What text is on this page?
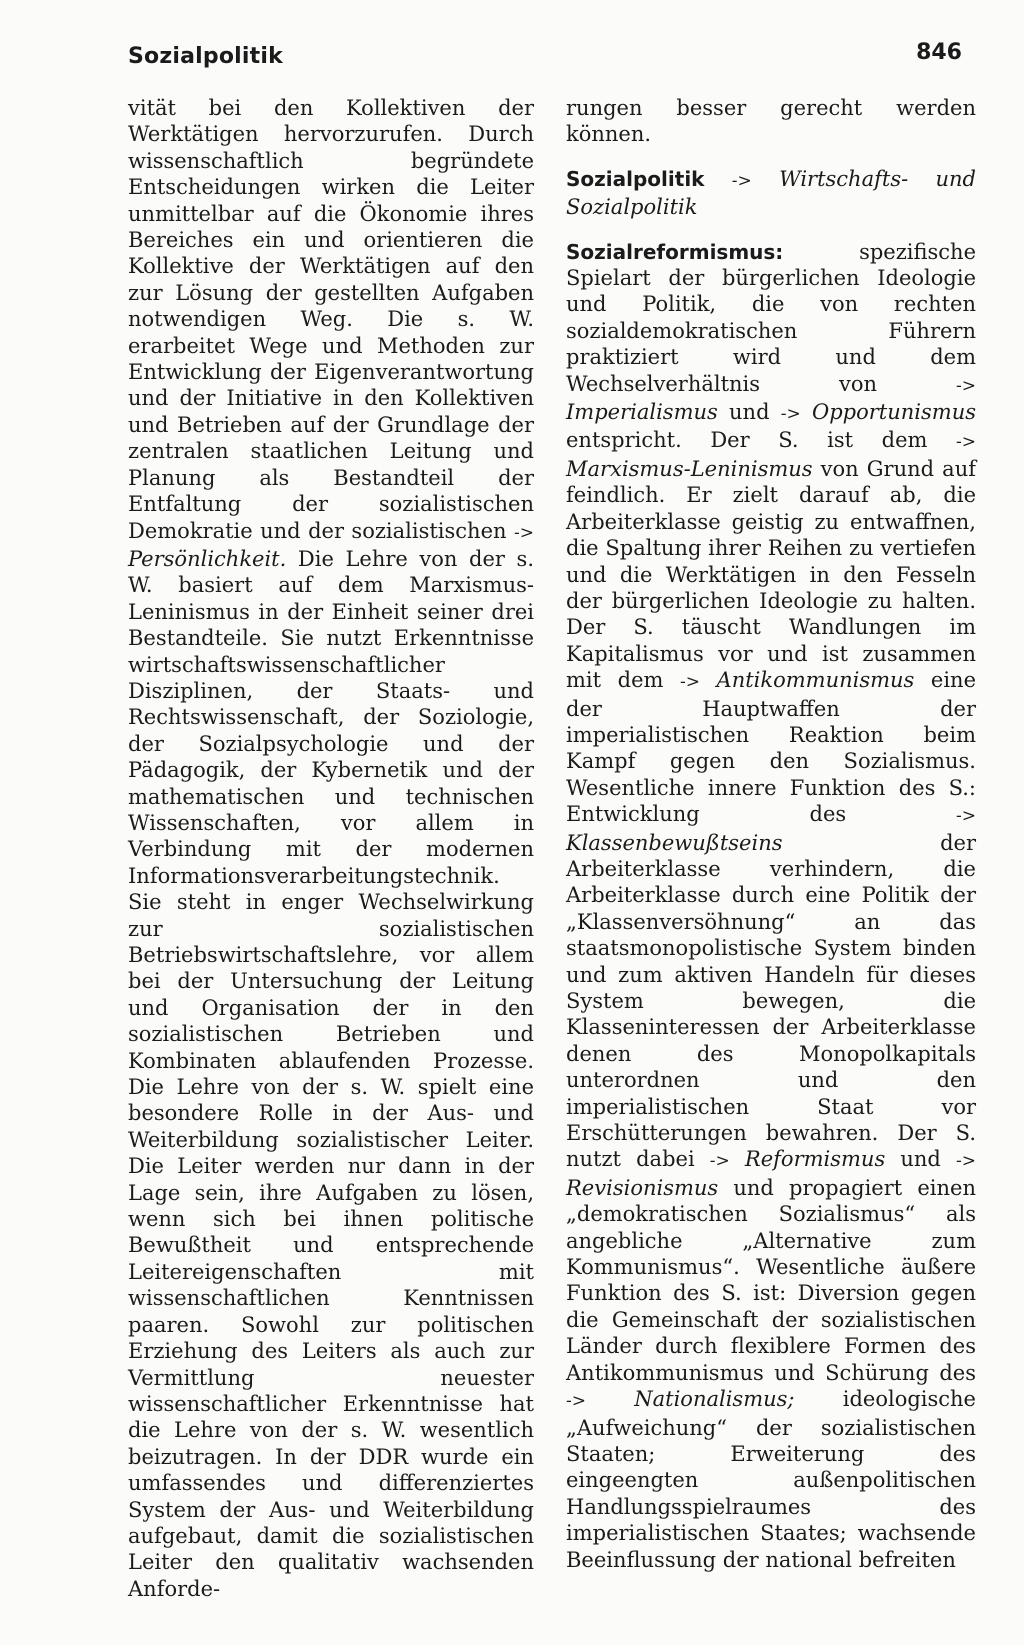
Sozialpolitik	846

vität bei den Kollektiven der Werktätigen hervorzurufen. Durch wissenschaftlich begründete Entscheidungen wirken die Leiter unmittelbar auf die Ökonomie ihres Bereiches ein und orientieren die Kollektive der Werktätigen auf den zur Lösung der gestellten Aufgaben notwendigen Weg. Die s. W. erarbeitet Wege und Methoden zur Entwicklung der Eigenverantwortung und der Initiative in den Kollektiven und Betrieben auf der Grundlage der zentralen staatlichen Leitung und Planung als Bestandteil der Entfaltung der sozialistischen Demokratie und der sozialistischen -> Persönlichkeit. Die Lehre von der s. W. basiert auf dem Marxismus-Leninismus in der Einheit seiner drei Bestandteile. Sie nutzt Erkenntnisse wirtschaftswissenschaftlicher Disziplinen, der Staats- und Rechtswissenschaft, der Soziologie, der Sozialpsychologie und der Pädagogik, der Kybernetik und der mathematischen und technischen Wissenschaften, vor allem in Verbindung mit der modernen Informationsverarbeitungstechnik. Sie steht in enger Wechselwirkung zur sozialistischen Betriebswirtschaftslehre, vor allem bei der Untersuchung der Leitung und Organisation der in den sozialistischen Betrieben und Kombinaten ablaufenden Prozesse. Die Lehre von der s. W. spielt eine besondere Rolle in der Aus- und Weiterbildung sozialistischer Leiter. Die Leiter werden nur dann in der Lage sein, ihre Aufgaben zu lösen, wenn sich bei ihnen politische Bewußtheit und entsprechende Leitereigenschaften mit wissenschaftlichen Kenntnissen paaren. Sowohl zur politischen Erziehung des Leiters als auch zur Vermittlung neuester wissenschaftlicher Erkenntnisse hat die Lehre von der s. W. wesentlich beizutragen. In der DDR wurde ein umfassendes und differenziertes System der Aus- und Weiterbildung aufgebaut, damit die sozialistischen Leiter den qualitativ wachsenden Anforde-

rungen besser gerecht werden können.

Sozialpolitik -> Wirtschafts- und Sozialpolitik

Sozialreformismus: spezifische Spielart der bürgerlichen Ideologie und Politik, die von rechten sozialdemokratischen Führern praktiziert wird und dem Wechselverhältnis von -> Imperialismus und -> Opportunismus entspricht. Der S. ist dem -> Marxismus-Leninismus von Grund auf feindlich. Er zielt darauf ab, die Arbeiterklasse geistig zu entwaffnen, die Spaltung ihrer Reihen zu vertiefen und die Werktätigen in den Fesseln der bürgerlichen Ideologie zu halten. Der S. täuscht Wandlungen im Kapitalismus vor und ist zusammen mit dem -> Antikommunismus eine der Hauptwaffen der imperialistischen Reaktion beim Kampf gegen den Sozialismus. Wesentliche innere Funktion des S.: Entwicklung des -> Klassenbewußtseins der Arbeiterklasse verhindern, die Arbeiterklasse durch eine Politik der „Klassenversöhnung“ an das staatsmonopolistische System binden und zum aktiven Handeln für dieses System bewegen, die Klasseninteressen der Arbeiterklasse denen des Monopolkapitals unterordnen und den imperialistischen Staat vor Erschütterungen bewahren. Der S. nutzt dabei -> Reformismus und -> Revisionismus und propagiert einen „demokratischen Sozialismus“ als angebliche „Alternative zum Kommunismus“. Wesentliche äußere Funktion des S. ist: Diversion gegen die Gemeinschaft der sozialistischen Länder durch flexiblere Formen des Antikommunismus und Schürung des -> Nationalismus; ideologische „Aufweichung“ der sozialistischen Staaten; Erweiterung des eingeengten außenpolitischen Handlungsspielraumes des imperialistischen Staates; wachsende Beeinflussung der national befreiten
